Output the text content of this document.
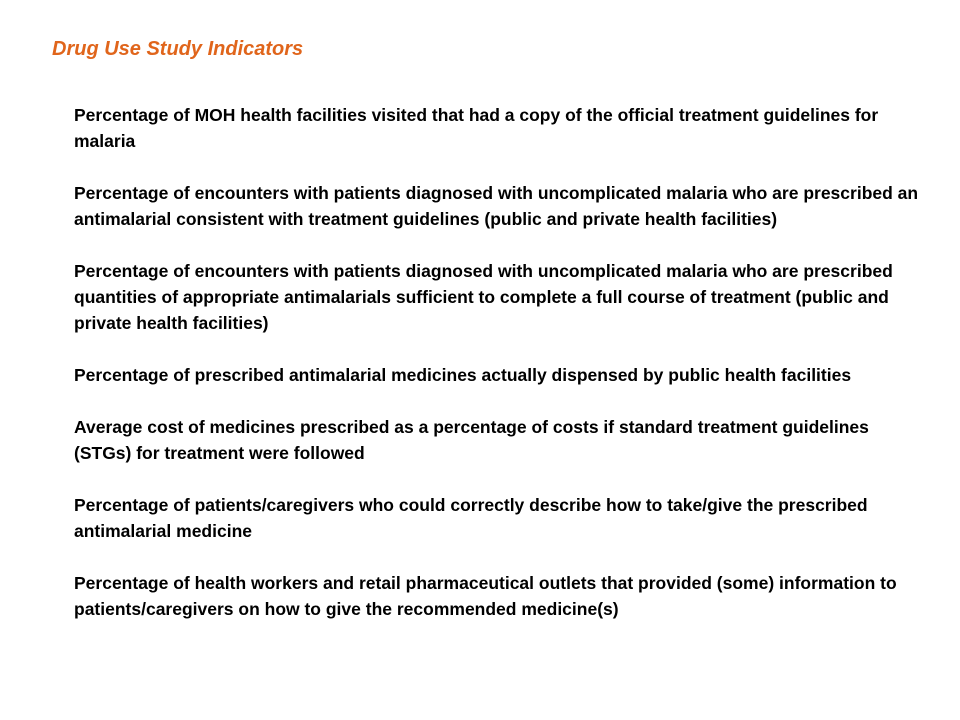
Drug Use Study Indicators
Percentage of MOH health facilities visited that had a copy of the official treatment guidelines for malaria
Percentage of encounters with patients diagnosed with uncomplicated malaria who are prescribed an antimalarial consistent with treatment guidelines (public and private health facilities)
Percentage of encounters with patients diagnosed with uncomplicated malaria who are prescribed quantities of appropriate antimalarials sufficient to complete a full course of treatment (public and private health facilities)
Percentage of prescribed antimalarial medicines actually dispensed by public health facilities
Average cost of medicines prescribed as a percentage of costs if standard treatment guidelines (STGs) for treatment were followed
Percentage of patients/caregivers who could correctly describe how to take/give the prescribed antimalarial medicine
Percentage of health workers and retail pharmaceutical outlets that provided (some) information to patients/caregivers on how to give the recommended medicine(s)
